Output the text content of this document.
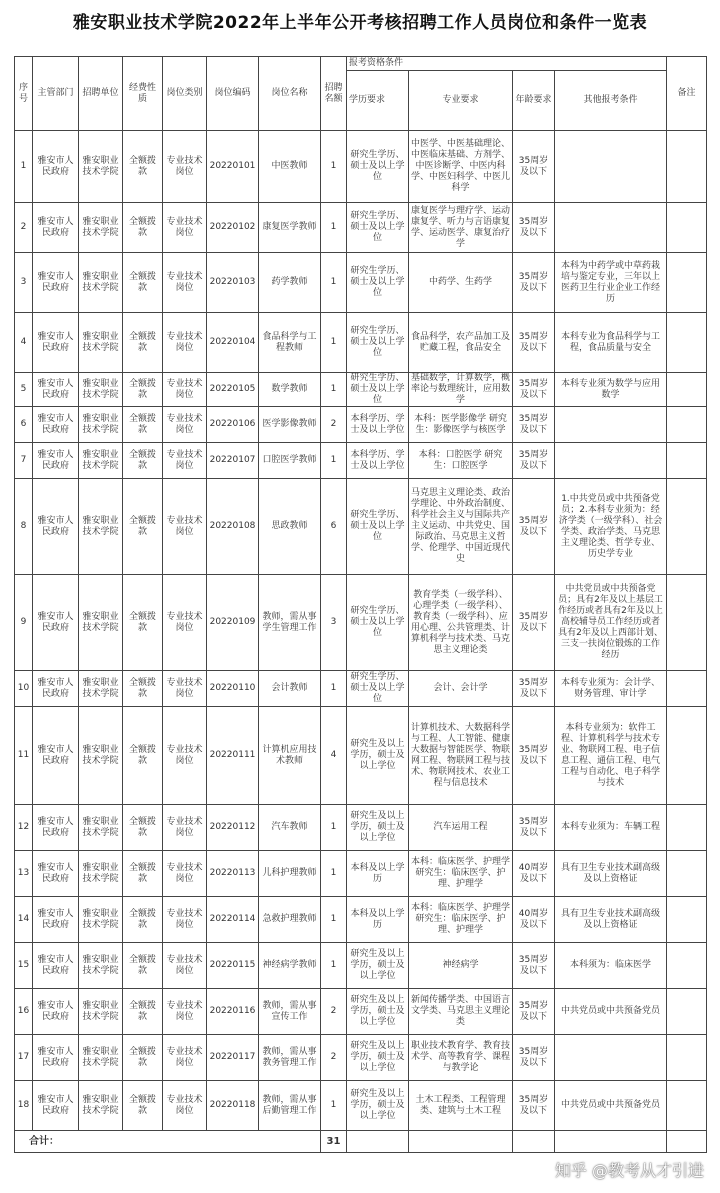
雅安职业技术学院2022年上半年公开考核招聘工作人员岗位和条件一览表
序号	主管部门	招聘单位	经费性质	岗位类别	岗位编码	岗位名称	招聘名额	报考资格条件				备注
								学历要求	专业要求	年龄要求	其他报考条件	
1	雅安市人民政府	雅安职业技术学院	全额拨款	专业技术岗位	20220101	中医教师	1	研究生学历、硕士及以上学位	中医学、中医基础理论、中医临床基础、方剂学、中医诊断学、中医内科学、中医妇科学、中医儿科学	35周岁及以下		
2	雅安市人民政府	雅安职业技术学院	全额拨款	专业技术岗位	20220102	康复医学教师	1	研究生学历、硕士及以上学位	康复医学与理疗学、运动康复学、听力与言语康复学、运动医学、康复治疗学	35周岁及以下		
3	雅安市人民政府	雅安职业技术学院	全额拨款	专业技术岗位	20220103	药学教师	1	研究生学历、硕士及以上学位	中药学、生药学	35周岁及以下	本科为中药学或中草药栽培与鉴定专业，三年以上医药卫生行业企业工作经历	
4	雅安市人民政府	雅安职业技术学院	全额拨款	专业技术岗位	20220104	食品科学与工程教师	1	研究生学历、硕士及以上学位	食品科学，农产品加工及贮藏工程，食品安全	35周岁及以下	本科专业为食品科学与工程，食品质量与安全	
5	雅安市人民政府	雅安职业技术学院	全额拨款	专业技术岗位	20220105	数学教师	1	研究生学历、硕士及以上学位	基础数学，计算数学，概率论与数理统计，应用数学	35周岁及以下	本科专业须为数学与应用数学	
6	雅安市人民政府	雅安职业技术学院	全额拨款	专业技术岗位	20220106	医学影像教师	2	本科学历、学士及以上学位	本科：医学影像学 研究生：影像医学与核医学	35周岁及以下		
7	雅安市人民政府	雅安职业技术学院	全额拨款	专业技术岗位	20220107	口腔医学教师	1	本科学历、学士及以上学位	本科：口腔医学 研究生：口腔医学	35周岁及以下		
8	雅安市人民政府	雅安职业技术学院	全额拨款	专业技术岗位	20220108	思政教师	6	研究生学历、硕士及以上学位	马克思主义理论类、政治学理论、中外政治制度、科学社会主义与国际共产主义运动、中共党史、国际政治、马克思主义哲学、伦理学、中国近现代史	35周岁及以下	1.中共党员或中共预备党员；2.本科专业须为：经济学类（一级学科）、社会学类、政治学类、马克思主义理论类、哲学专业、历史学专业	
9	雅安市人民政府	雅安职业技术学院	全额拨款	专业技术岗位	20220109	教师，需从事学生管理工作	3	研究生学历、硕士及以上学位	教育学类（一级学科）、心理学类（一级学科）、教育类（一级学科）、应用心理、公共管理类、计算机科学与技术类、马克思主义理论类	35周岁及以下	中共党员或中共预备党员；具有2年及以上基层工作经历或者具有2年及以上高校辅导员工作经历或者具有2年及以上西部计划、三支一扶岗位锻炼的工作经历	
10	雅安市人民政府	雅安职业技术学院	全额拨款	专业技术岗位	20220110	会计教师	1	研究生学历、硕士及以上学位	会计、会计学	35周岁及以下	本科专业须为：会计学、财务管理、审计学	
11	雅安市人民政府	雅安职业技术学院	全额拨款	专业技术岗位	20220111	计算机应用技术教师	4	研究生及以上学历，硕士及以上学位	计算机技术、大数据科学与工程、人工智能、健康大数据与智能医学、物联网工程、物联网工程与技术、物联网技术、农业工程与信息技术	35周岁及以下	本科专业须为：软件工程、计算机科学与技术专业、物联网工程、电子信息工程、通信工程、电气工程与自动化、电子科学与技术	
12	雅安市人民政府	雅安职业技术学院	全额拨款	专业技术岗位	20220112	汽车教师	1	研究生及以上学历，硕士及以上学位	汽车运用工程	35周岁及以下	本科专业须为：车辆工程	
13	雅安市人民政府	雅安职业技术学院	全额拨款	专业技术岗位	20220113	儿科护理教师	1	本科及以上学历	本科：临床医学、护理学 研究生：临床医学、护理、护理学	40周岁及以下	具有卫生专业技术副高级及以上资格证	
14	雅安市人民政府	雅安职业技术学院	全额拨款	专业技术岗位	20220114	急救护理教师	1	本科及以上学历	本科：临床医学、护理学 研究生：临床医学、护理、护理学	40周岁及以下	具有卫生专业技术副高级及以上资格证	
15	雅安市人民政府	雅安职业技术学院	全额拨款	专业技术岗位	20220115	神经病学教师	1	研究生及以上学历，硕士及以上学位	神经病学	35周岁及以下	本科须为：临床医学	
16	雅安市人民政府	雅安职业技术学院	全额拨款	专业技术岗位	20220116	教师，需从事宣传工作	2	研究生及以上学历，硕士及以上学位	新闻传播学类、中国语言文学类、马克思主义理论类	35周岁及以下	中共党员或中共预备党员	
17	雅安市人民政府	雅安职业技术学院	全额拨款	专业技术岗位	20220117	教师，需从事教务管理工作	2	研究生及以上学历，硕士及以上学位	职业技术教育学、教育技术学、高等教育学、课程与教学论	35周岁及以下		
18	雅安市人民政府	雅安职业技术学院	全额拨款	专业技术岗位	20220118	教师，需从事后勤管理工作	1	研究生及以上学历，硕士及以上学位	土木工程类、工程管理类、建筑与土木工程	35周岁及以下	中共党员或中共预备党员	
合计：							31					
知乎 @教考从才引进
